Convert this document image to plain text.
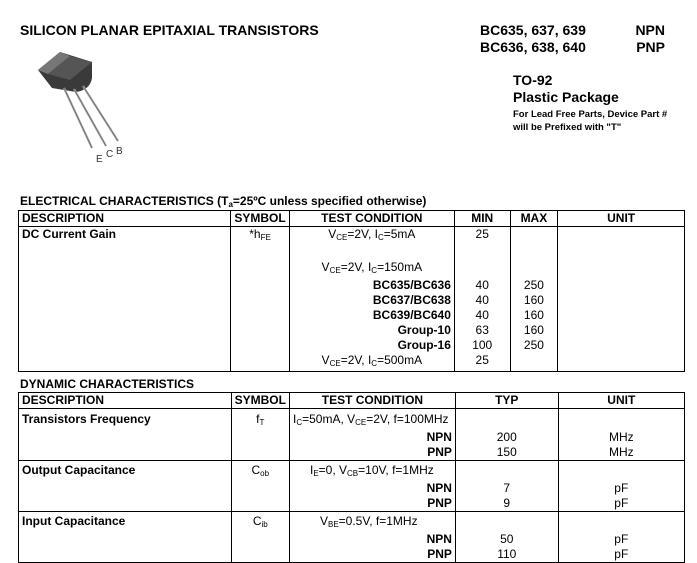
SILICON PLANAR EPITAXIAL TRANSISTORS	BC635, 637, 639	NPN
BC636, 638, 640	PNP
TO-92
Plastic Package
For Lead Free Parts, Device Part #
will be Prefixed with "T"
E C B
ELECTRICAL CHARACTERISTICS ($T_a=25ºC$ unless specified otherwise)
DESCRIPTION	SYMBOL	TEST CONDITION	MIN	MAX	UNIT
DC Current Gain	$*h_{FE}$	$V_{CE}=2V$, $I_C=5mA$	25		

		$V_{CE}=2V$, $I_C=150mA$			
		BC635/BC636	40	250	
		BC637/BC638	40	160	
		BC639/BC640	40	160	
		Group-10	63	160	
		Group-16	100	250	
		$V_{CE}=2V$, $I_C=500mA$	25		
DYNAMIC CHARACTERISTICS
DESCRIPTION	SYMBOL	TEST CONDITION	TYP	UNIT
Transistors Frequency	$f_T$	$I_C=50mA$, $V_{CE}=2V$, f=100MHz		
		NPN	200	MHz
		PNP	150	MHz
Output Capacitance	$C_{ob}$	$I_E=0$, $V_{CB}=10V$, f=1MHz		
		NPN	7	pF
		PNP	9	pF
Input Capacitance	$C_{ib}$	$V_{BE}=0.5V$, f=1MHz		
		NPN	50	pF
		PNP	110	pF
